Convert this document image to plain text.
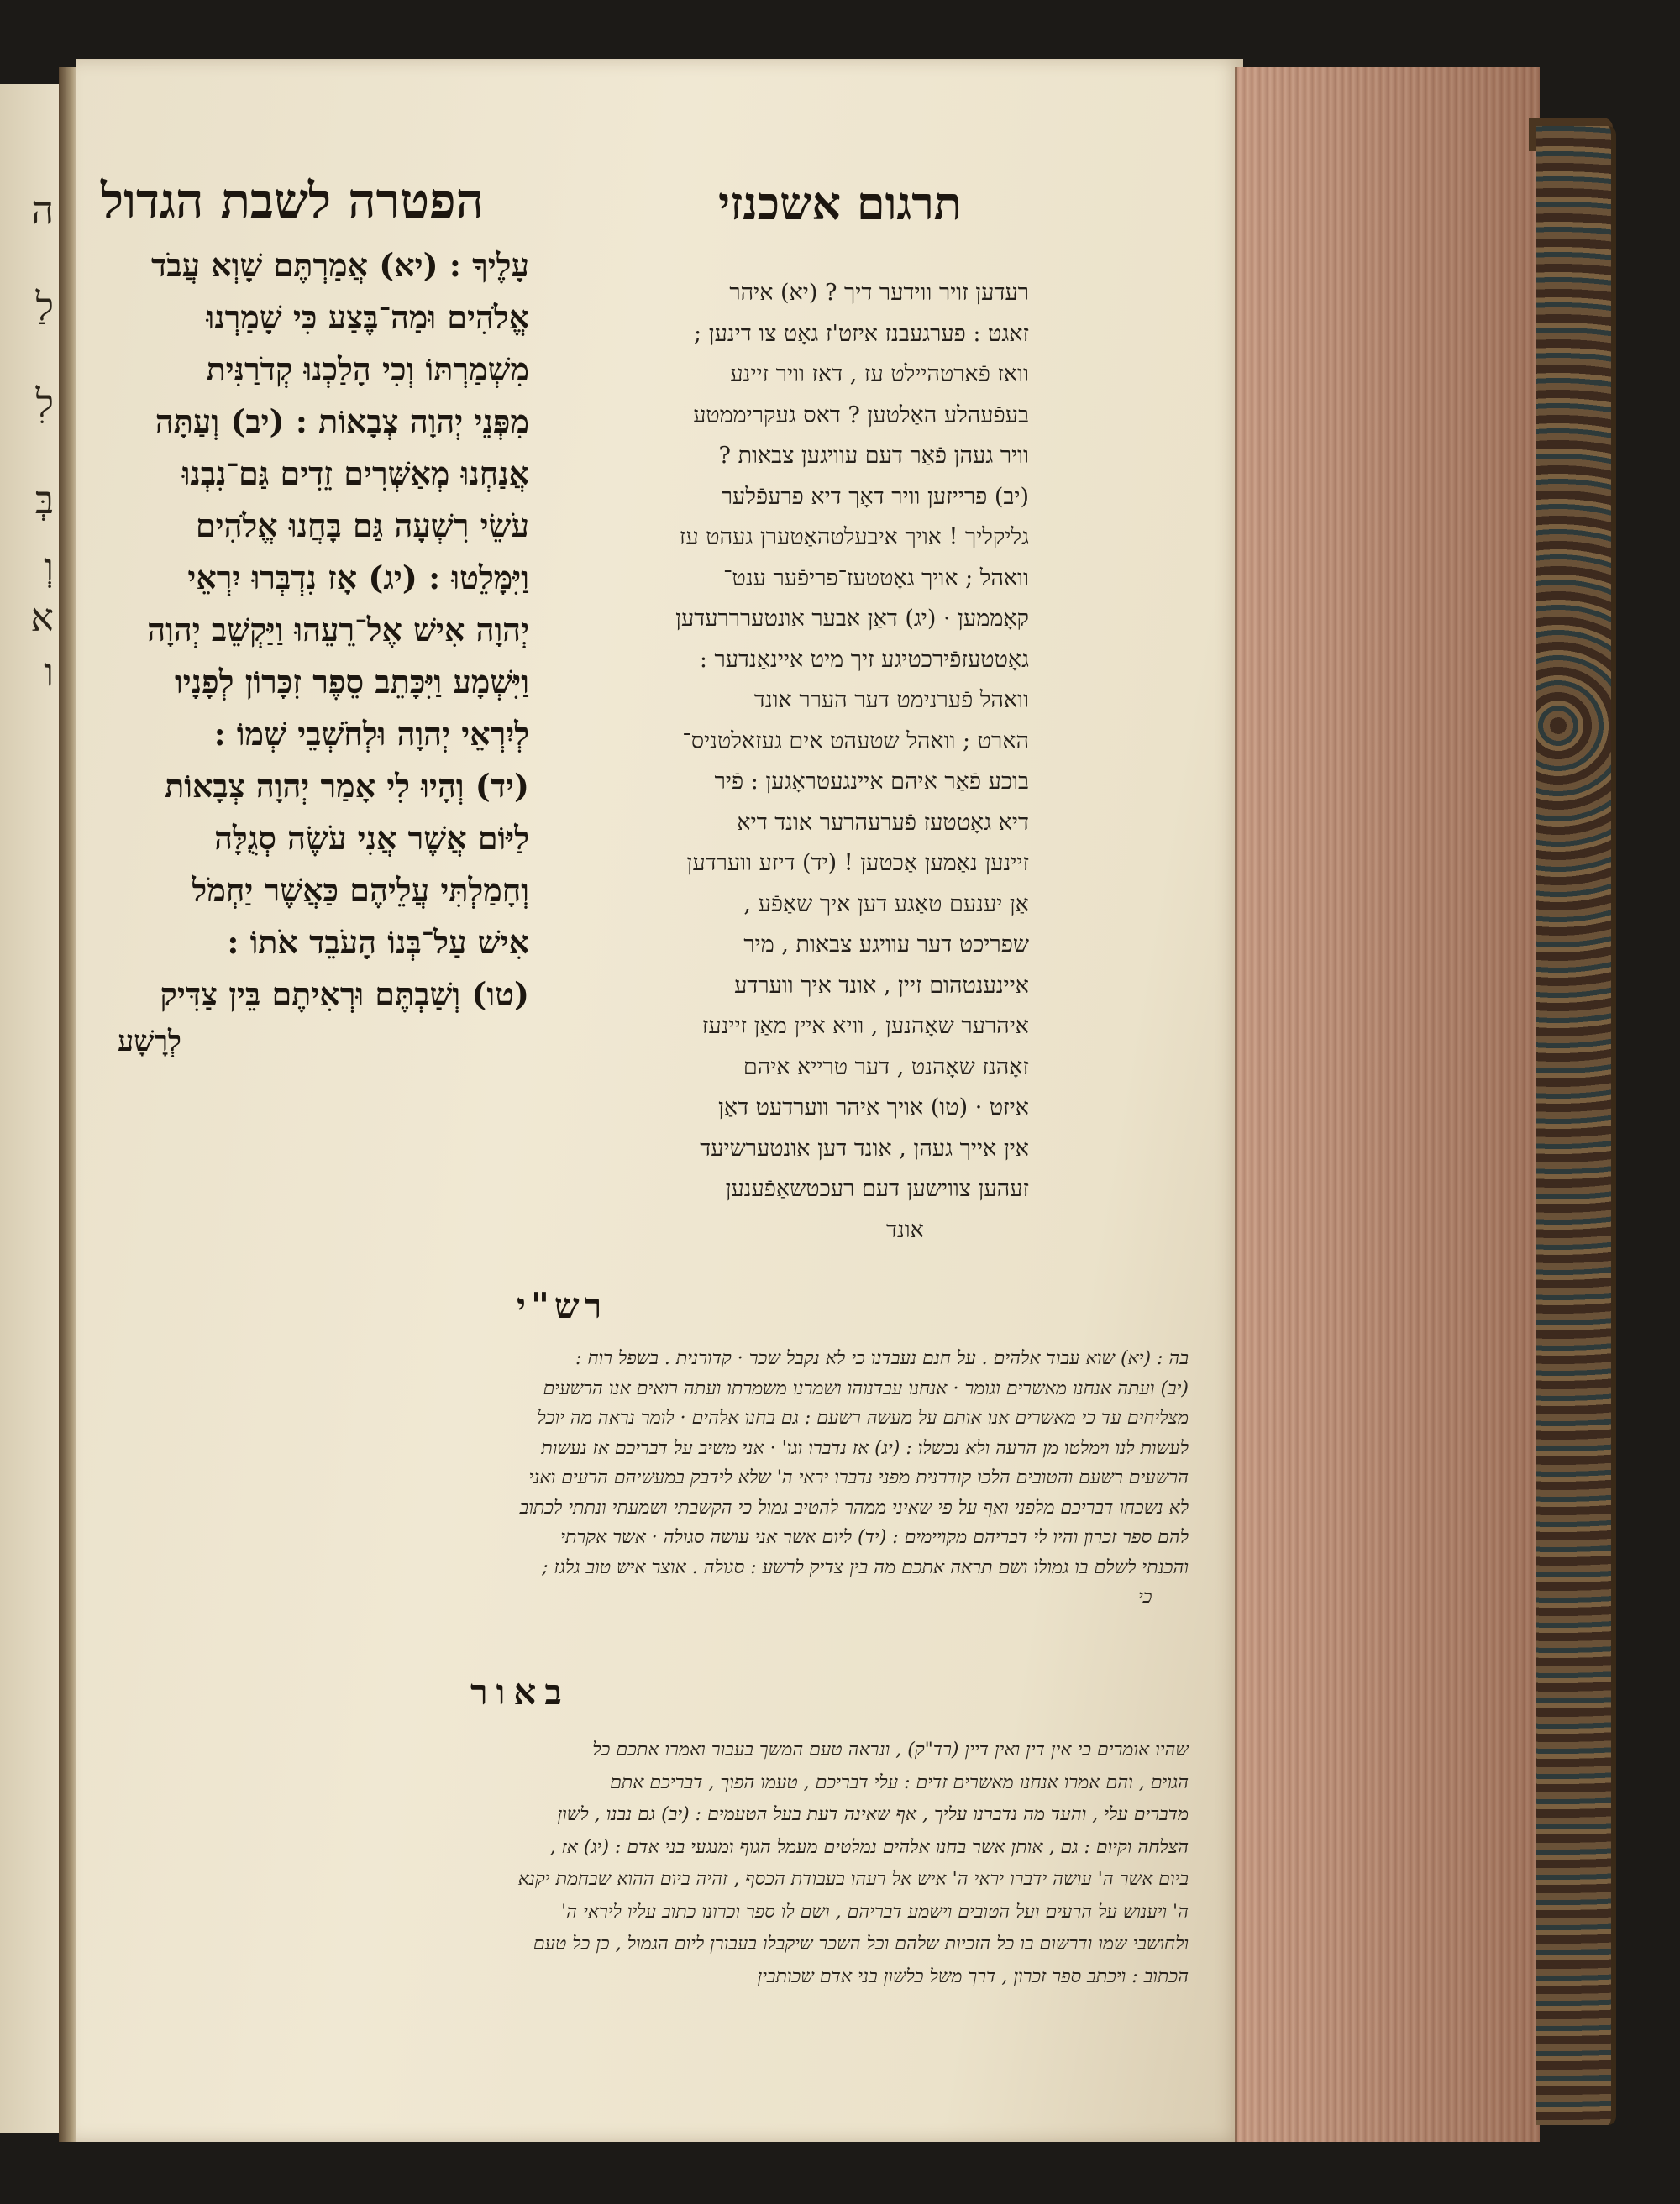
ה
לַ
לִ
בְּ
וְ
א
ו
הפטרה לשבת הגדול	תרגום אשכנזי
עָלֶיךָ : (יא) אֲמַרְתֶּם שָׁוְא עֲבֹד
אֱלֹהִים וּמַה־בֶּצַע כִּי שָׁמַרְנוּ
מִשְׁמַרְתּוֹ וְכִי הָלַכְנוּ קְדֹרַנִּית
מִפְּנֵי יְהוָה צְבָאוֹת : (יב) וְעַתָּה
אֲנַחְנוּ מְאַשְּׁרִים זֵדִים גַּם־נִבְנוּ
עֹשֵׂי רִשְׁעָה גַּם בָּחֲנוּ אֱלֹהִים
וַיִּמָּלֵטוּ : (יג) אָז נִדְבְּרוּ יִרְאֵי
יְהוָה אִישׁ אֶל־רֵעֵהוּ וַיַּקְשֵׁב יְהוָה
וַיִּשְׁמָע וַיִּכָּתֵב סֵפֶר זִכָּרוֹן לְפָנָיו
לְיִרְאֵי יְהוָה וּלְחֹשְׁבֵי שְׁמוֹ :
(יד) וְהָיוּ לִי אָמַר יְהוָה צְבָאוֹת
לַיּוֹם אֲשֶׁר אֲנִי עֹשֶׂה סְגֻלָּה
וְחָמַלְתִּי עֲלֵיהֶם כַּאֲשֶׁר יַחְמֹל
אִישׁ עַל־בְּנוֹ הָעֹבֵד אֹתוֹ :
(טו) וְשַׁבְתֶּם וּרְאִיתֶם בֵּין צַדִּיק
לְרָשָׁע
רעדען זויר ווידער דיך ? (יא) איהר
זאגט : פערגעבנז איזט'ז גאָט צו דינען ;
וואז פֿארטהיילט עז , דאז וויר זיינע
בעפֿעהלע האַלטען ? דאס געקריממטע
וויר געהן פֿאַר דעם עוויגען צבאות ?
(יב) פרייזען וויר דאָך דיא פרעפֿלער
גליקליך ! אויך איבעלטהאַטערן געהט עז
וואהל ; אויך גאָטטעז־פריפֿער ענט־
קאָממען · (יג) דאַן אבער אונטערררעדען
גאָטטעזפֿירכטיגע זיך מיט איינאַנדער :
וואהל פֿערנימט דער הערר אונד
הארט ; וואהל שטעהט אים געזאלטניס־
בוכע פֿאַר איהם איינגעטראָגען : פֿיר
דיא גאָטטעז פֿערעהרער אונד דיא
זיינען נאַמען אַכטען ! (יד) דיזע ווערדען
אַן יענעם טאַגע דען איך שאַפֿע ,
שפריכט דער עוויגע צבאות , מיר
איינענטהום זיין , אונד איך ווערדע
איהרער שאָהנען , וויא איין מאַן זיינעז
זאָהנז שאָהנט , דער טרייא איהם
איזט · (טו) אויך איהר ווערדעט דאַן
אין אייך געהן , אונד דען אונטערשיעד
זעהען צווישען דעם רעכטשאַפֿענען
אונד
רש"י
בה : (יא) שוא עבוד אלהים . על חנם נעבדנו כי לא נקבל שכר · קדורנית . בשפל רוח :
(יב) ועתה אנחנו מאשרים וגומר · אנחנו עבדנוהו ושמרנו משמרתו ועתה רואים אנו הרשעים
מצליחים עד כי מאשרים אנו אותם על מעשה רשעם : גם בחנו אלהים · לומר נראה מה יוכל
לעשות לנו וימלטו מן הרעה ולא נכשלו : (יג) אז נדברו וגו' · אני משיב על דבריכם אז נעשות
הרשעים רשעם והטובים הלכו קודרנית מפני נדברו יראי ה' שלא לידבק במעשיהם הרעים ואני
לא נשכחו דבריכם מלפני ואף על פי שאיני ממהר להטיב גמול כי הקשבתי ושמעתי ונתתי לכתוב
להם ספר זכרון והיו לי דבריהם מקויימים : (יד) ליום אשר אני עושה סגולה · אשר אקרתי
והכנתי לשלם בו גמולו ושם תראה אתכם מה בין צדיק לרשע : סגולה . אוצר איש טוב גלגז ;
כי
באור
שהיו אומרים כי אין דין ואין דיין (רד"ק) , ונראה טעם המשך בעבור ואמרו אתכם כל
הגוים , והם אמרו אנחנו מאשרים זדים : עלי דבריכם , טעמו הפוך , דבריכם אתם
מדברים עלי , והעד מה נדברנו עליך , אף שאינה דעת בעל הטעמים : (יב) גם נבנו , לשון
הצלחה וקיום : גם , אותן אשר בחנו אלהים נמלטים מעמל הגוף ומנגעי בני אדם : (יג) אז ,
ביום אשר ה' עושה ידברו יראי ה' איש אל רעהו בעבודת הכסף , זהיה ביום ההוא שבחמת יקנא
ה' ויענוש על הרעים ועל הטובים וישמע דבריהם , ושם לו ספר וכרונו כתוב עליו ליראי ה'
ולחושבי שמו ודרשום בו כל הזכיות שלהם וכל השכר שיקבלו בעבורן ליום הגמול , כן כל טעם
הכתוב : ויכתב ספר זכרון , דרך משל כלשון בני אדם שכותבין
